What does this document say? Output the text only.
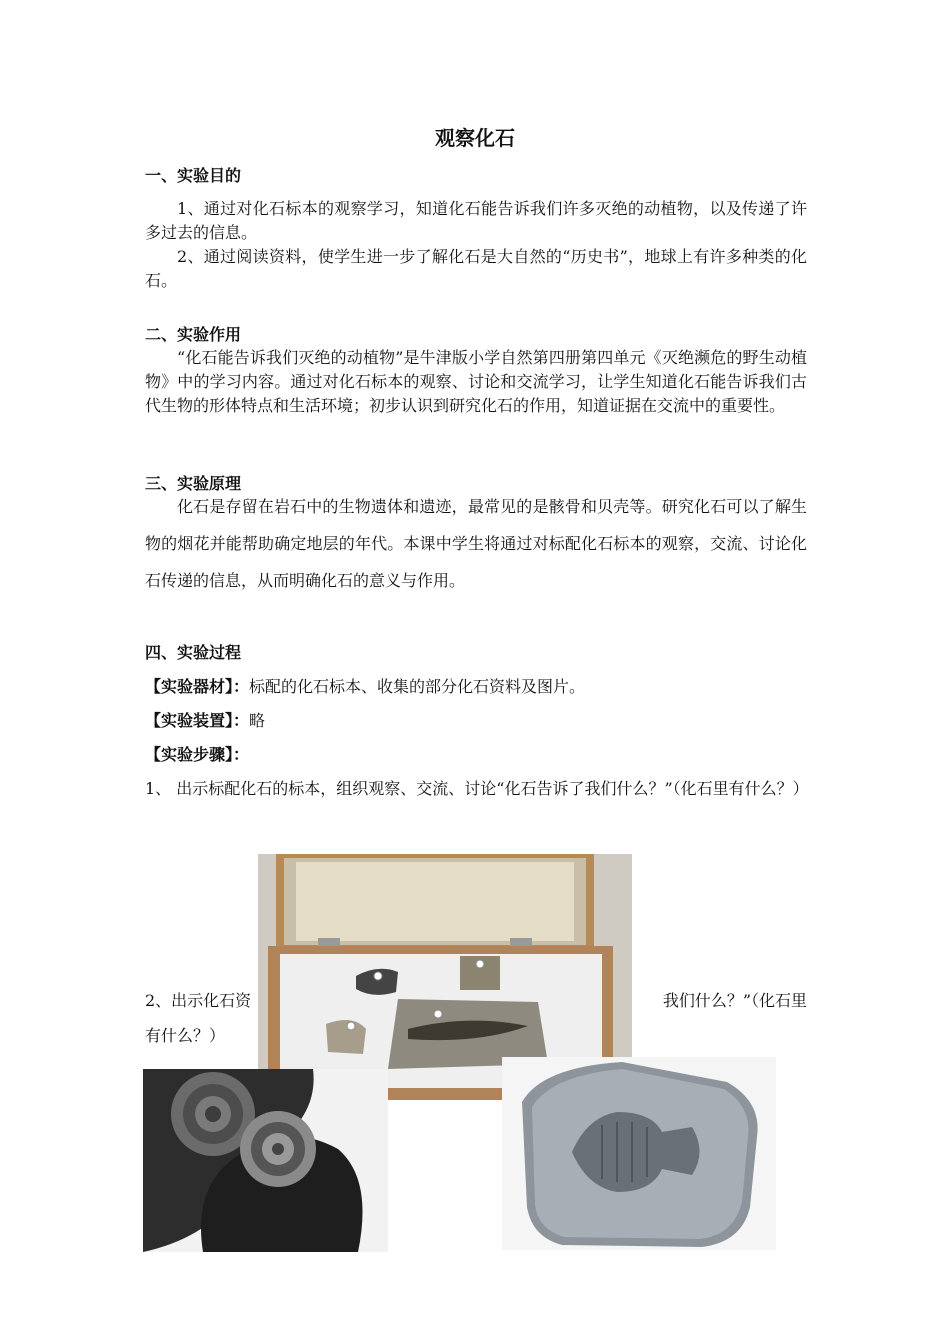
观察化石
一、实验目的
1、通过对化石标本的观察学习，知道化石能告诉我们许多灭绝的动植物，以及传递了许多过去的信息。
2、通过阅读资料，使学生进一步了解化石是大自然的“历史书”，地球上有许多种类的化石。
二、实验作用
“化石能告诉我们灭绝的动植物”是牛津版小学自然第四册第四单元《灭绝濒危的野生动植物》中的学习内容。通过对化石标本的观察、讨论和交流学习，让学生知道化石能告诉我们古代生物的形体特点和生活环境；初步认识到研究化石的作用，知道证据在交流中的重要性。
三、实验原理
化石是存留在岩石中的生物遗体和遗迹，最常见的是骸骨和贝壳等。研究化石可以了解生物的烟花并能帮助确定地层的年代。本课中学生将通过对标配化石标本的观察，交流、讨论化石传递的信息，从而明确化石的意义与作用。
四、实验过程
【实验器材】：标配的化石标本、收集的部分化石资料及图片。
【实验装置】：略
【实验步骤】：
1、 出示标配化石的标本，组织观察、交流、讨论“化石告诉了我们什么？”（化石里有什么？）
2、出示化石资	我们什么？”（化石里
有什么？）
